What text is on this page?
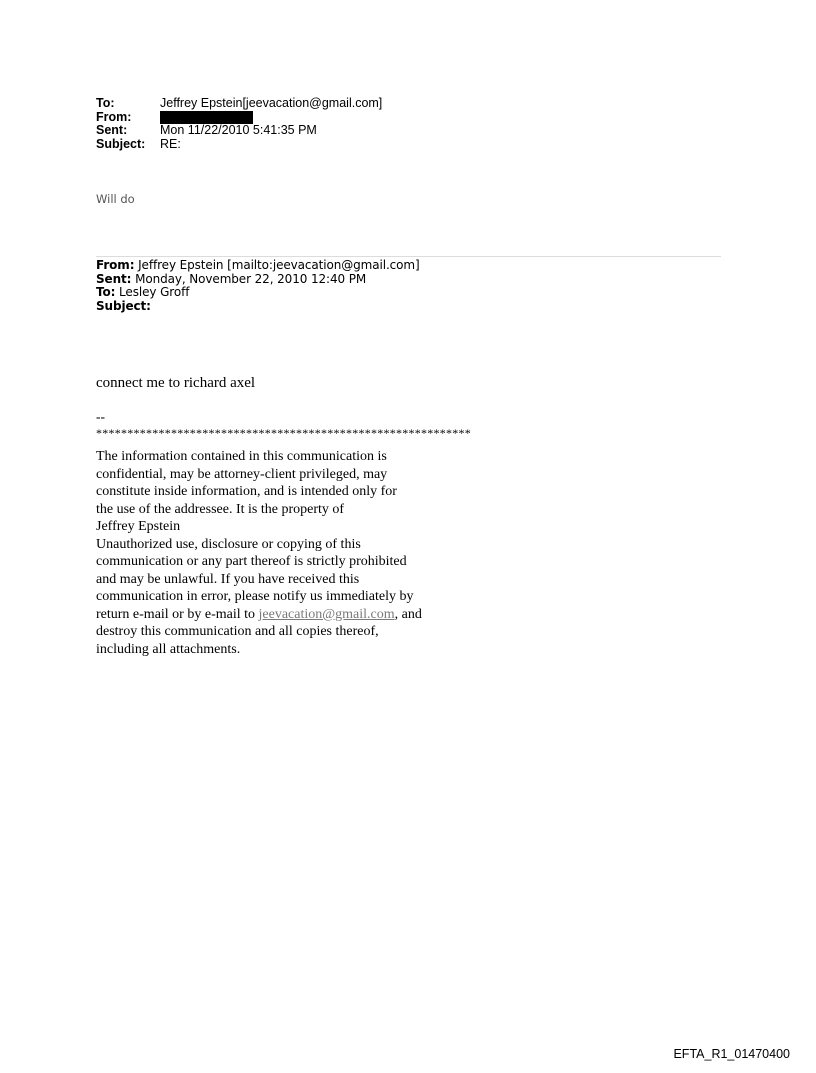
To:	Jeffrey Epstein[jeevacation@gmail.com]
From:
Sent:	Mon 11/22/2010 5:41:35 PM
Subject:	RE:
Will do
From: Jeffrey Epstein [mailto:jeevacation@gmail.com]
Sent: Monday, November 22, 2010 12:40 PM
To: Lesley Groff
Subject:
connect me to richard axel
--
************************************************************
The information contained in this communication is
confidential, may be attorney-client privileged, may
constitute inside information, and is intended only for
the use of the addressee. It is the property of
Jeffrey Epstein
Unauthorized use, disclosure or copying of this
communication or any part thereof is strictly prohibited
and may be unlawful. If you have received this
communication in error, please notify us immediately by
return e-mail or by e-mail to jeevacation@gmail.com, and
destroy this communication and all copies thereof,
including all attachments.
EFTA_R1_01470400
